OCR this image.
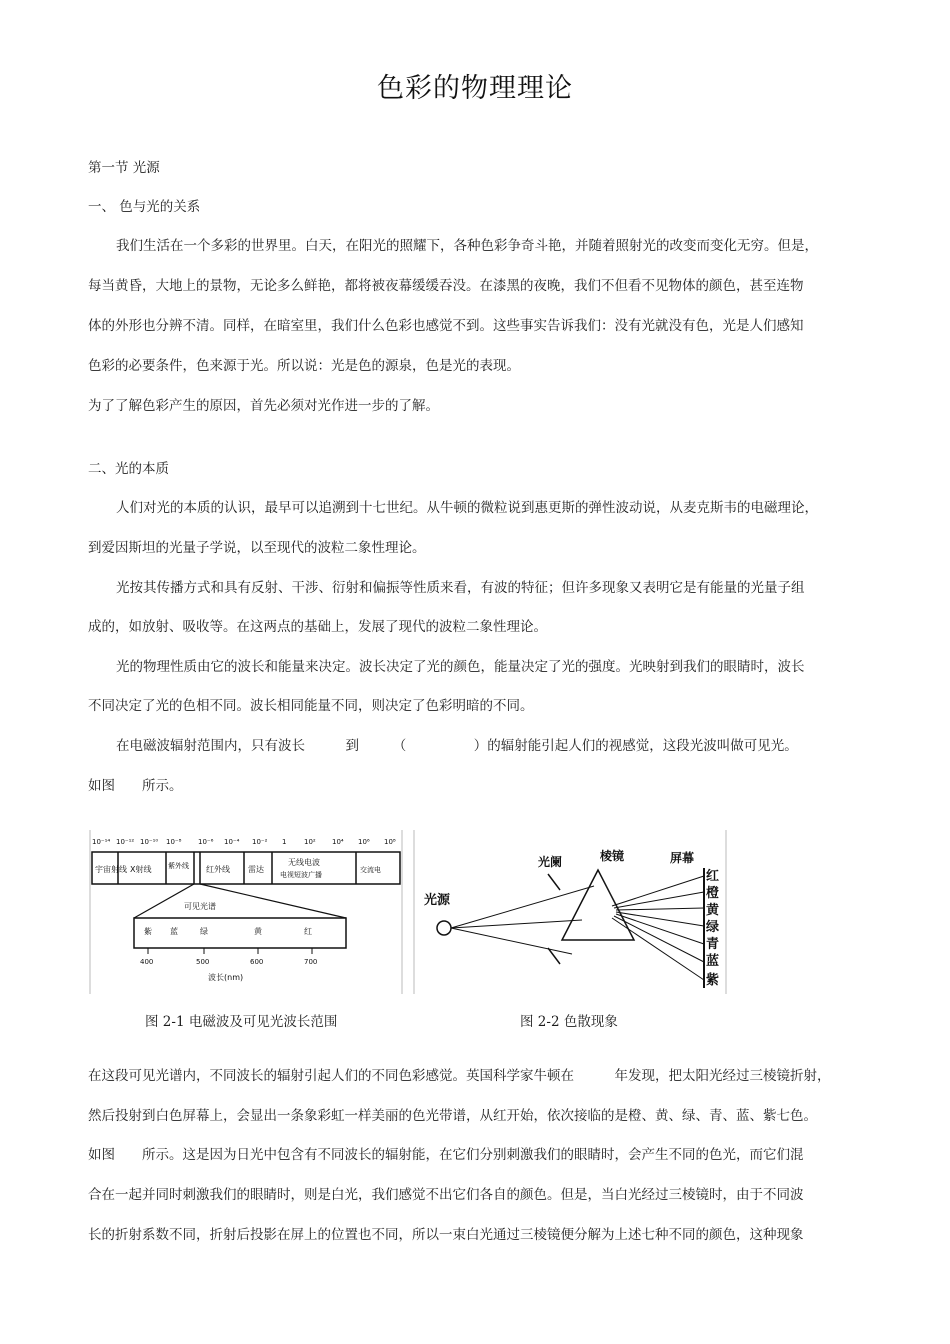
色彩的物理理论
第一节 光源
一、 色与光的关系
我们生活在一个多彩的世界里。白天，在阳光的照耀下，各种色彩争奇斗艳，并随着照射光的改变而变化无穷。但是，
每当黄昏，大地上的景物，无论多么鲜艳，都将被夜幕缓缓吞没。在漆黑的夜晚，我们不但看不见物体的颜色，甚至连物
体的外形也分辨不清。同样，在暗室里，我们什么色彩也感觉不到。这些事实告诉我们：没有光就没有色，光是人们感知
色彩的必要条件，色来源于光。所以说：光是色的源泉，色是光的表现。
为了了解色彩产生的原因，首先必须对光作进一步的了解。
二、光的本质
人们对光的本质的认识，最早可以追溯到十七世纪。从牛顿的微粒说到惠更斯的弹性波动说，从麦克斯韦的电磁理论，
到爱因斯坦的光量子学说，以至现代的波粒二象性理论。
光按其传播方式和具有反射、干涉、衍射和偏振等性质来看，有波的特征；但许多现象又表明它是有能量的光量子组
成的，如放射、吸收等。在这两点的基础上，发展了现代的波粒二象性理论。
光的物理性质由它的波长和能量来决定。波长决定了光的颜色，能量决定了光的强度。光映射到我们的眼睛时，波长
不同决定了光的色相不同。波长相同能量不同，则决定了色彩明暗的不同。
在电磁波辐射范围内，只有波长　　　到　　　（　　　　　）的辐射能引起人们的视感觉，这段光波叫做可见光。
如图　　所示。
10⁻¹⁴ 10⁻¹² 10⁻¹⁰ 10⁻⁸ 10⁻⁶ 10⁻⁴ 10⁻² 1	10² 10⁴ 10⁶ 10⁸
宇宙射线 X射线 紫外线 红外线 雷达
无线电波
电视短波广播
交流电
可见光谱
紫 蓝	绿	黄	红
400	500	600	700
波长(nm)
光源
光阑	棱镜	屏幕
红
橙
黄
绿
青
蓝
紫
图 2-1 电磁波及可见光波长范围	图 2-2 色散现象
在这段可见光谱内，不同波长的辐射引起人们的不同色彩感觉。英国科学家牛顿在　　　年发现，把太阳光经过三棱镜折射，
然后投射到白色屏幕上，会显出一条象彩虹一样美丽的色光带谱，从红开始，依次接临的是橙、黄、绿、青、蓝、紫七色。
如图　　所示。这是因为日光中包含有不同波长的辐射能，在它们分别刺激我们的眼睛时，会产生不同的色光，而它们混
合在一起并同时刺激我们的眼睛时，则是白光，我们感觉不出它们各自的颜色。但是，当白光经过三棱镜时，由于不同波
长的折射系数不同，折射后投影在屏上的位置也不同，所以一束白光通过三棱镜便分解为上述七种不同的颜色，这种现象
